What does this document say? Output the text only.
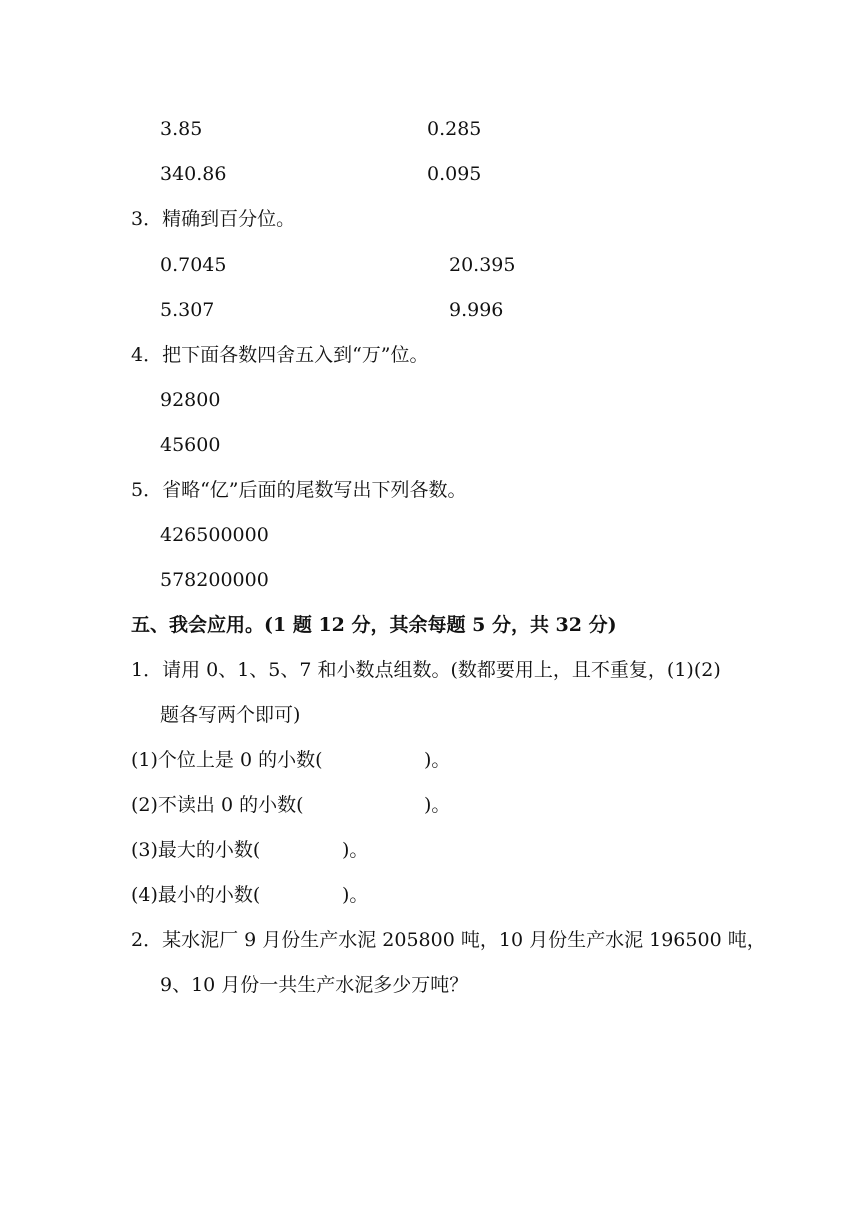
3.85	0.285
340.86	0.095
3．精确到百分位。
0.7045	20.395
5.307	9.996
4．把下面各数四舍五入到“万”位。
92800
45600
5．省略“亿”后面的尾数写出下列各数。
426500000
578200000
五、我会应用。(1 题 12 分，其余每题 5 分，共 32 分)
1．请用 0、1、5、7 和小数点组数。(数都要用上，且不重复，(1)(2)
题各写两个即可)
(1)个位上是 0 的小数(	)。
(2)不读出 0 的小数(	)。
(3)最大的小数(	)。
(4)最小的小数(	)。
2．某水泥厂 9 月份生产水泥 205800 吨，10 月份生产水泥 196500 吨，
9、10 月份一共生产水泥多少万吨？
